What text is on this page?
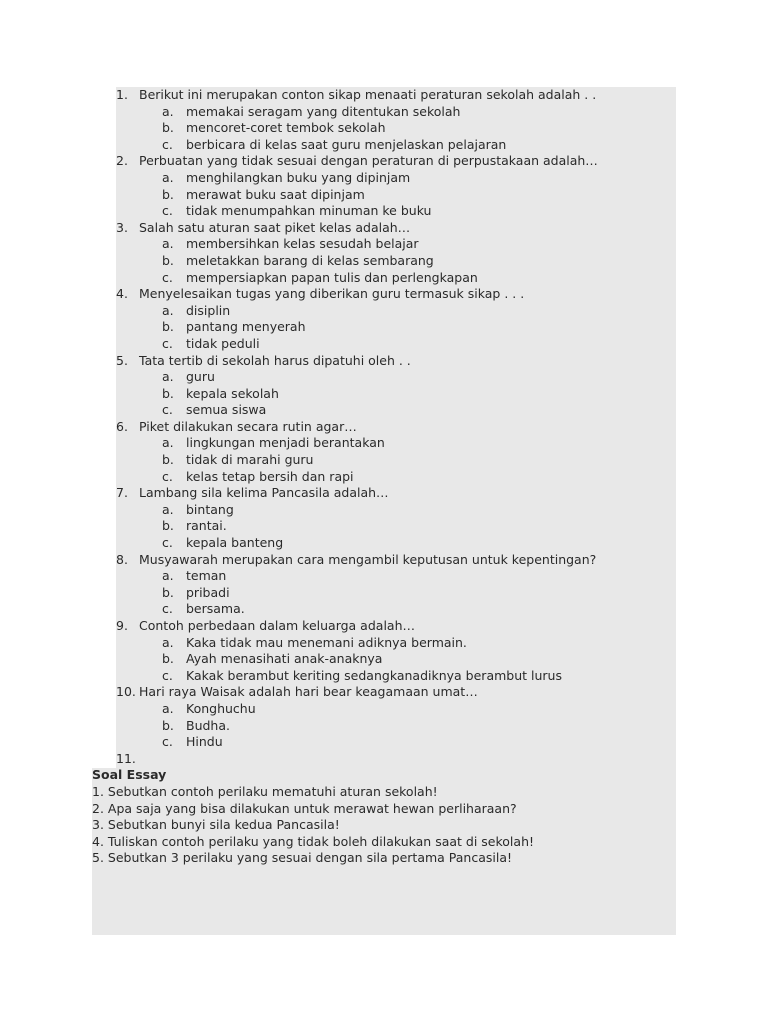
1. Berikut ini merupakan conton sikap menaati peraturan sekolah adalah . .
a. memakai seragam yang ditentukan sekolah
b. mencoret-coret tembok sekolah
c. berbicara di kelas saat guru menjelaskan pelajaran
2. Perbuatan yang tidak sesuai dengan peraturan di perpustakaan adalah…
a. menghilangkan buku yang dipinjam
b. merawat buku saat dipinjam
c. tidak menumpahkan minuman ke buku
3. Salah satu aturan saat piket kelas adalah…
a. membersihkan kelas sesudah belajar
b. meletakkan barang di kelas sembarang
c. mempersiapkan papan tulis dan perlengkapan
4. Menyelesaikan tugas yang diberikan guru termasuk sikap . . .
a. disiplin
b. pantang menyerah
c. tidak peduli
5. Tata tertib di sekolah harus dipatuhi oleh . .
a. guru
b. kepala sekolah
c. semua siswa
6. Piket dilakukan secara rutin agar…
a. lingkungan menjadi berantakan
b. tidak di marahi guru
c. kelas tetap bersih dan rapi
7. Lambang sila kelima Pancasila adalah…
a. bintang
b. rantai.
c. kepala banteng
8. Musyawarah merupakan cara mengambil keputusan untuk kepentingan?
a. teman
b. pribadi
c. bersama.
9. Contoh perbedaan dalam keluarga adalah…
a. Kaka tidak mau menemani adiknya bermain.
b. Ayah menasihati anak-anaknya
c. Kakak berambut keriting sedangkanadiknya berambut lurus
10. Hari raya Waisak adalah hari bear keagamaan umat…
a. Konghuchu
b. Budha.
c. Hindu
11.
Soal Essay
1. Sebutkan contoh perilaku mematuhi aturan sekolah!
2. Apa saja yang bisa dilakukan untuk merawat hewan perliharaan?
3. Sebutkan bunyi sila kedua Pancasila!
4. Tuliskan contoh perilaku yang tidak boleh dilakukan saat di sekolah!
5. Sebutkan 3 perilaku yang sesuai dengan sila pertama Pancasila!
